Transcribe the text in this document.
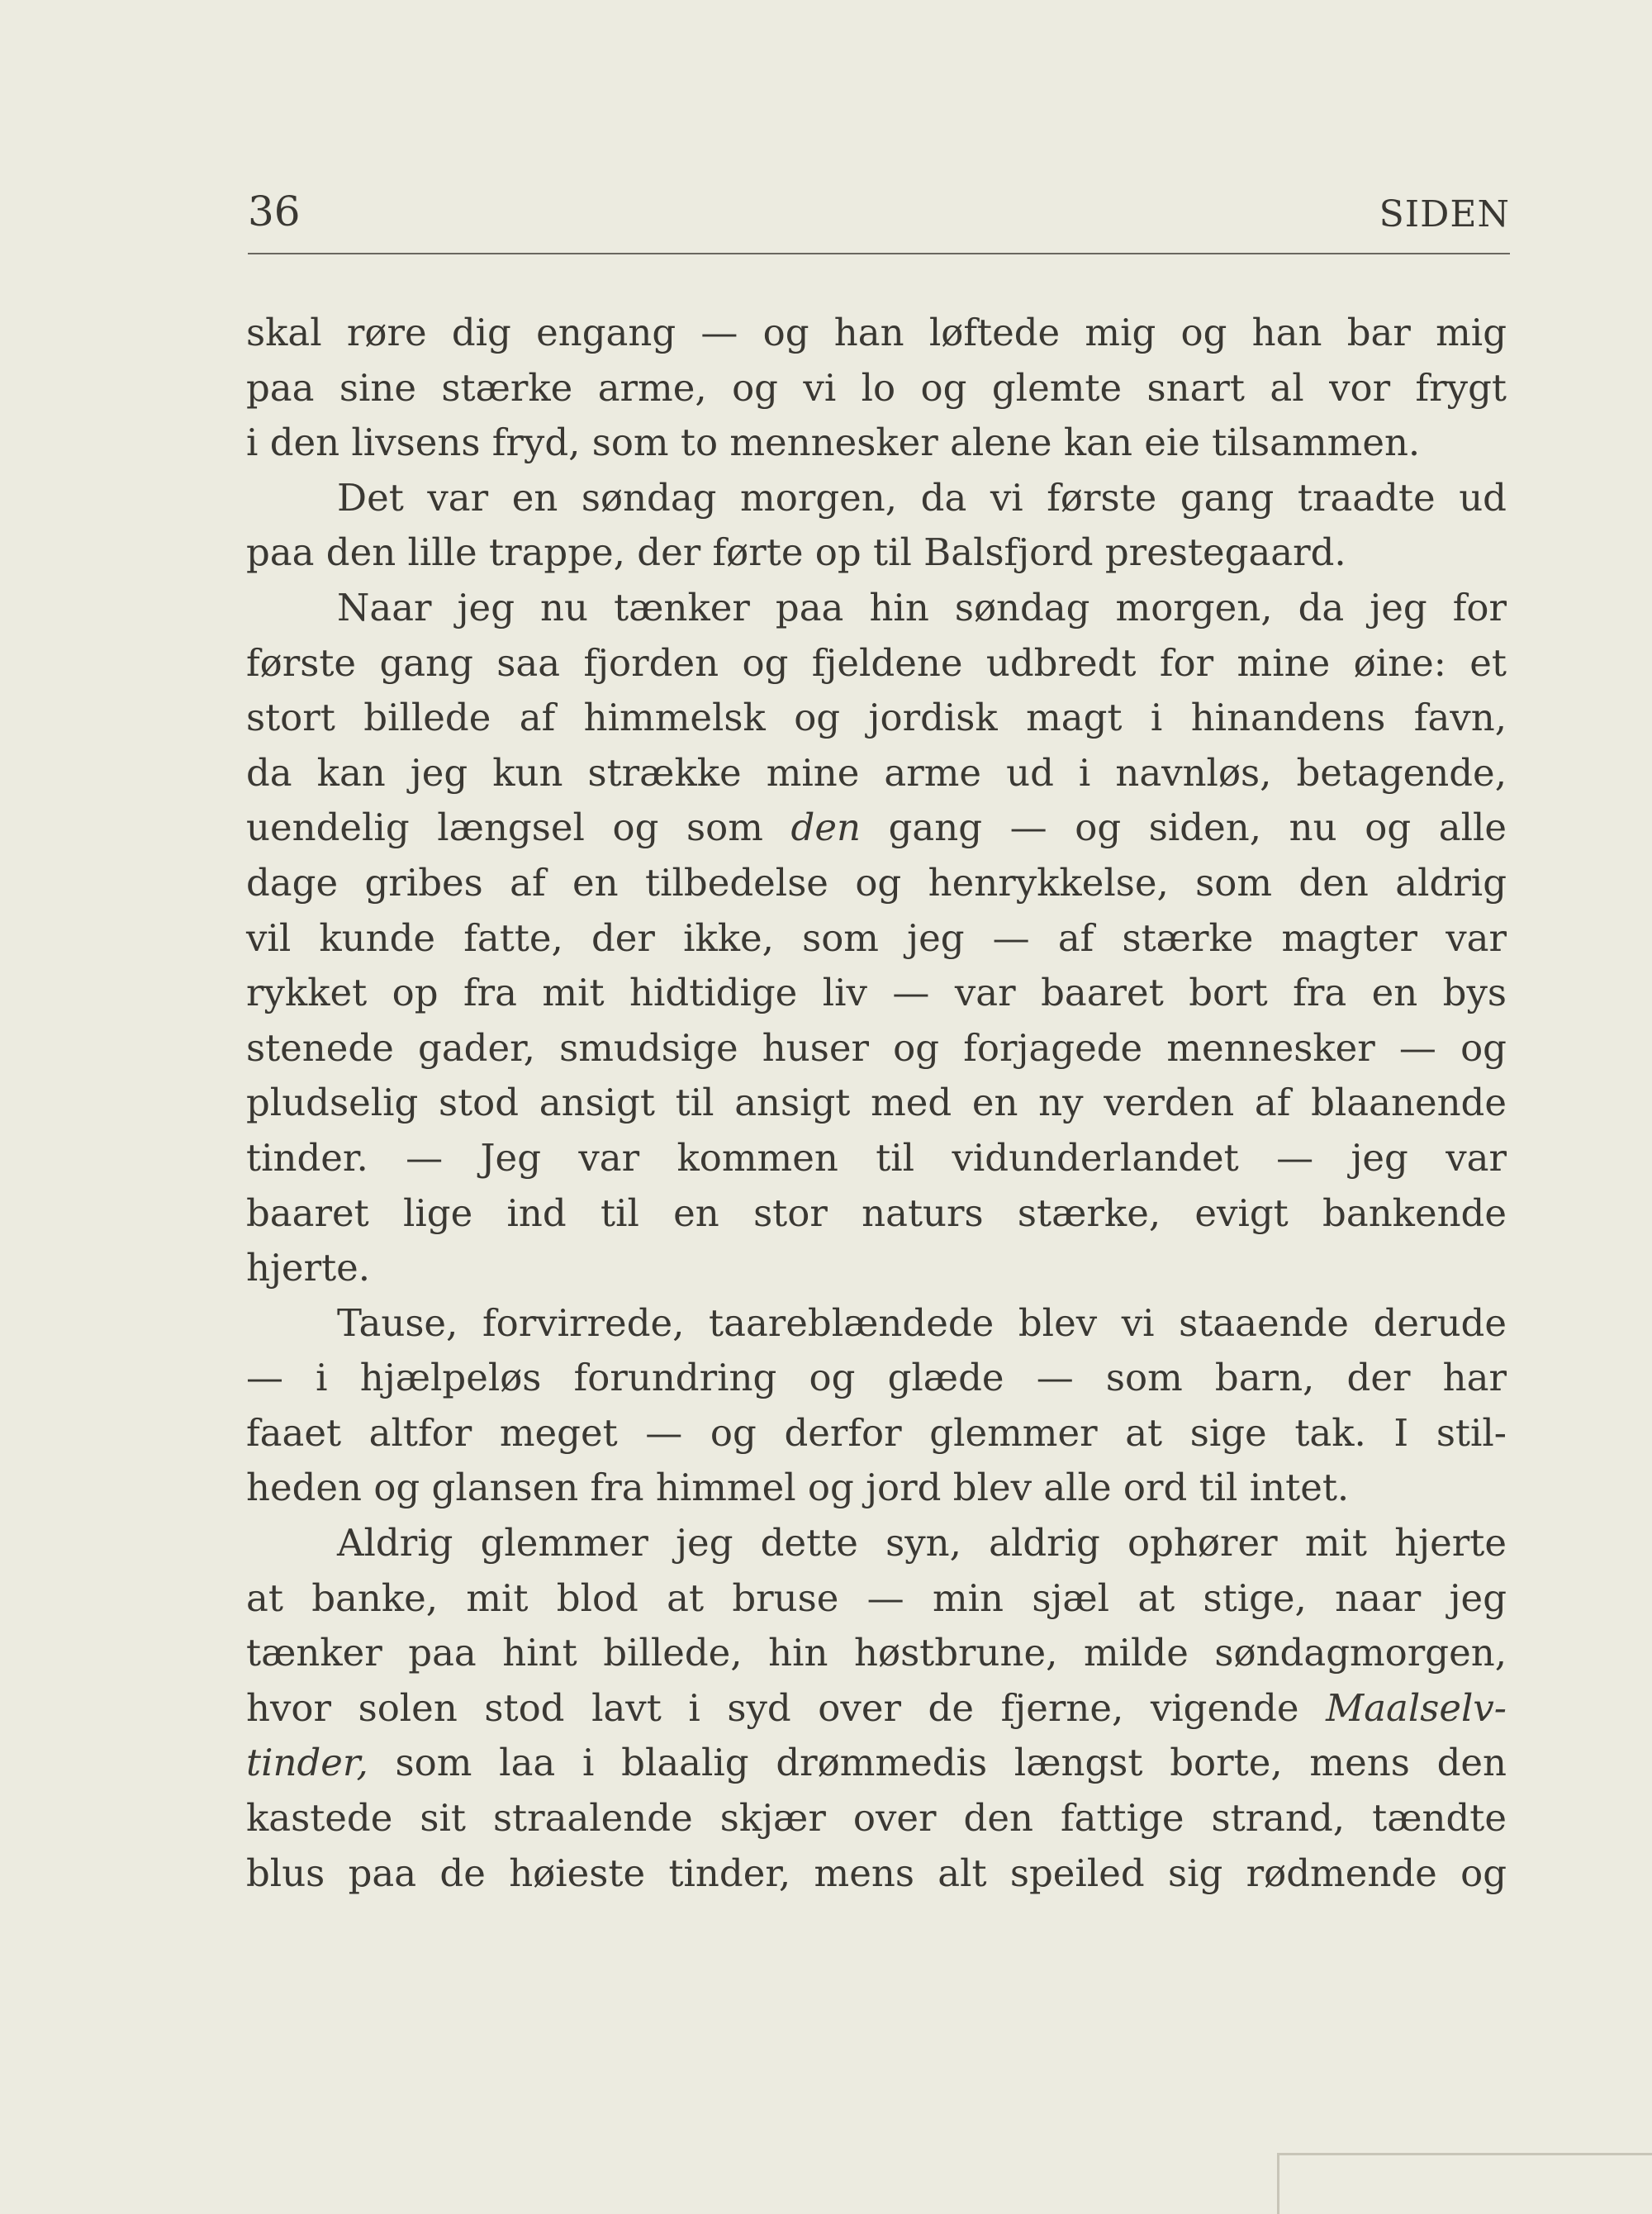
36	SIDEN
skal røre dig engang — og han løftede mig og han bar mig
paa sine stærke arme, og vi lo og glemte snart al vor frygt
i den livsens fryd, som to mennesker alene kan eie tilsammen.
Det var en søndag morgen, da vi første gang traadte ud
paa den lille trappe, der førte op til Balsfjord prestegaard.
Naar jeg nu tænker paa hin søndag morgen, da jeg for
første gang saa fjorden og fjeldene udbredt for mine øine: et
stort billede af himmelsk og jordisk magt i hinandens favn,
da kan jeg kun strække mine arme ud i navnløs, betagende,
uendelig længsel og som den gang — og siden, nu og alle
dage gribes af en tilbedelse og henrykkelse, som den aldrig
vil kunde fatte, der ikke, som jeg — af stærke magter var
rykket op fra mit hidtidige liv — var baaret bort fra en bys
stenede gader, smudsige huser og forjagede mennesker — og
pludselig stod ansigt til ansigt med en ny verden af blaanende
tinder. — Jeg var kommen til vidunderlandet — jeg var
baaret lige ind til en stor naturs stærke, evigt bankende
hjerte.
Tause, forvirrede, taareblændede blev vi staaende derude
— i hjælpeløs forundring og glæde — som barn, der har
faaet altfor meget — og derfor glemmer at sige tak. I stil-
heden og glansen fra himmel og jord blev alle ord til intet.
Aldrig glemmer jeg dette syn, aldrig ophører mit hjerte
at banke, mit blod at bruse — min sjæl at stige, naar jeg
tænker paa hint billede, hin høstbrune, milde søndagmorgen,
hvor solen stod lavt i syd over de fjerne, vigende Maalselv-
tinder, som laa i blaalig drømmedis længst borte, mens den
kastede sit straalende skjær over den fattige strand, tændte
blus paa de høieste tinder, mens alt speiled sig rødmende og
